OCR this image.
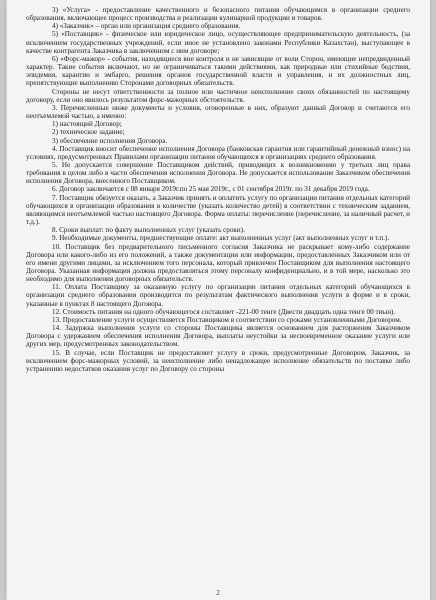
3) «Услуга» - предоставление качественного и безопасного питания обучающимся в организации среднего образования, включающее процесс производства и реализации кулинарной продукции и товаров.

4) «Заказчик» – орган или организация среднего образования.

5) «Поставщик» - физическое или юридическое лицо, осуществляющее предпринимательскую деятельность, (за исключением государственных учреждений, если иное не установлено законами Республики Казахстан), выступающее в качестве контрагента Заказчика в заключенном с ним договоре;

6) «Форс-мажор» - события, находящиеся вне контроля и не зависящие от воли Сторон, имеющие непредвиденный характер. Такие события включают, но не ограничиваться такими действиями, как природные или стихийные бедствия, эпидемия, карантин и эмбарго, решения органов государственной власти и управления, и их должностных лиц, препятствующие выполнению Сторонами договорных обязательств.

Стороны не несут ответственности за полное или частичное неисполнение своих обязанностей по настоящему договору, если оно явилось результатом форс-мажорных обстоятельств.

3. Перечисленные ниже документы и условия, оговоренные в них, образуют данный Договор и считаются его неотъемлемой частью, а именно:

1) настоящий Договор;

2) техническое задание;

3) обеспечение исполнения Договора.

4. Поставщик вносит обеспечение исполнения Договора (банковская гарантия или гарантийный денежный взнос) на условиях, предусмотренных Правилами организации питания обучающихся в организациях среднего образования.

5. Не допускается совершение Поставщиком действий, приводящих к возникновению у третьих лиц права требования в целом либо в части обеспечения исполнения Договора. Не допускается использование Заказчиком обеспечения исполнения Договора, внесенного Поставщиком.

6. Договор заключается с 08 января 2019г.по 25 мая 2019г., с 01 сентября 2019г. по 31 декабря 2019 года.

7. Поставщик обязуется оказать, а Заказчик принять и оплатить услугу по организации питания отдельных категорий обучающихся в организации образования в количестве (указать количество детей) в соответствии с техническим заданием, являющимся неотъемлемой частью настоящего Договора. Форма оплаты: перечисление (перечисление, за наличный расчет, и т.д.).

8. Сроки выплат: по факту выполненных услуг (указать сроки).

9. Необходимые документы, предшествующие оплате: акт выполненных услуг (акт выполненных услуг и т.п.).

10. Поставщик без предварительного письменного согласия Заказчика не раскрывает кому-либо содержание Договора или какого-либо из его положений, а также документации или информации, предоставленных Заказчиком или от его имени другими лицами, за исключением того персонала, который привлечен Поставщиком для выполнения настоящего Договора. Указанная информация должна предоставляться этому персоналу конфиденциально, и в той мере, насколько это необходимо для выполнения договорных обязательств.

11. Оплата Поставщику за оказанную услугу по организации питания отдельных категорий обучающихся в организации среднего образования производится по результатам фактического выполнения услуги в форме и в сроки, указанные в пунктах 8 настоящего Договора.

12. Стоимость питания на одного обучающегося составляет -221-00 тенге (Двести двадцать одна тенге 00 тиын).

13. Предоставление услуги осуществляется Поставщиком в соответствии со сроками установленными Договором.

14. Задержка выполнения услуги со стороны Поставщика является основанием для расторжения Заказчиком Договора с удержанием обеспечения исполнения Договора, выплаты неустойки за несвоевременное оказание услуги или других мер, предусмотренных законодательством.

15. В случае, если Поставщик не предоставляет услугу в сроки, предусмотренные Договором, Заказчик, за исключением форс-мажорных условий, за неисполнение либо ненадлежащее исполнение обязательств по поставке либо устранению недостатков оказания услуг по Договору со стороны

2
